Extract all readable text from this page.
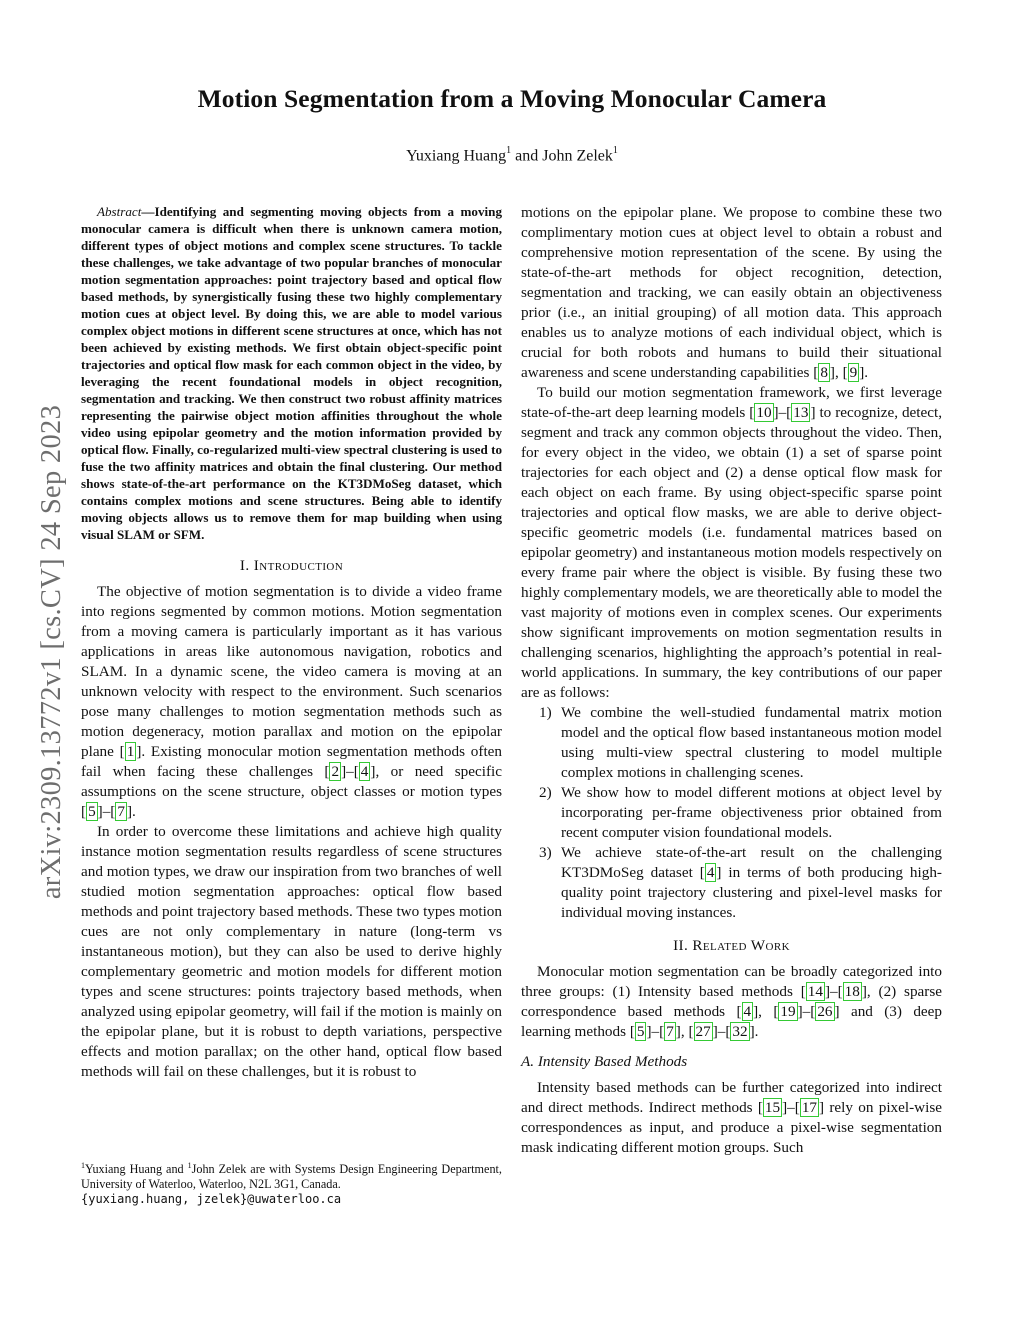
Motion Segmentation from a Moving Monocular Camera
Yuxiang Huang$^1$ and John Zelek$^1$
arXiv:2309.13772v1 [cs.CV] 24 Sep 2023

Abstract—Identifying and segmenting moving objects from a moving monocular camera is difficult when there is unknown camera motion, different types of object motions and complex scene structures. To tackle these challenges, we take advantage of two popular branches of monocular motion segmentation approaches: point trajectory based and optical flow based methods, by synergistically fusing these two highly complementary motion cues at object level. By doing this, we are able to model various complex object motions in different scene structures at once, which has not been achieved by existing methods. We first obtain object-specific point trajectories and optical flow mask for each common object in the video, by leveraging the recent foundational models in object recognition, segmentation and tracking. We then construct two robust affinity matrices representing the pairwise object motion affinities throughout the whole video using epipolar geometry and the motion information provided by optical flow. Finally, co-regularized multi-view spectral clustering is used to fuse the two affinity matrices and obtain the final clustering. Our method shows state-of-the-art performance on the KT3DMoSeg dataset, which contains complex motions and scene structures. Being able to identify moving objects allows us to remove them for map building when using visual SLAM or SFM.

I. Introduction

The objective of motion segmentation is to divide a video frame into regions segmented by common motions. Motion segmentation from a moving camera is particularly important as it has various applications in areas like autonomous navigation, robotics and SLAM. In a dynamic scene, the video camera is moving at an unknown velocity with respect to the environment. Such scenarios pose many challenges to motion segmentation methods such as motion degeneracy, motion parallax and motion on the epipolar plane [ 1 ]. Existing monocular motion segmentation methods often fail when facing these challenges [ 2 ]–[ 4 ], or need specific assumptions on the scene structure, object classes or motion types [ 5 ]–[ 7 ].

In order to overcome these limitations and achieve high quality instance motion segmentation results regardless of scene structures and motion types, we draw our inspiration from two branches of well studied motion segmentation approaches: optical flow based methods and point trajectory based methods. These two types motion cues are not only complementary in nature (long-term vs instantaneous motion), but they can also be used to derive highly complementary geometric and motion models for different motion types and scene structures: points trajectory based methods, when analyzed using epipolar geometry, will fail if the motion is mainly on the epipolar plane, but it is robust to depth variations, perspective effects and motion parallax; on the other hand, optical flow based methods will fail on these challenges, but it is robust to

$^1$Yuxiang Huang and $^1$John Zelek are with Systems Design Engineering Department, University of Waterloo, Waterloo, N2L 3G1, Canada.
{yuxiang.huang, jzelek}@uwaterloo.ca

motions on the epipolar plane. We propose to combine these two complimentary motion cues at object level to obtain a robust and comprehensive motion representation of the scene. By using the state-of-the-art methods for object recognition, detection, segmentation and tracking, we can easily obtain an objectiveness prior (i.e., an initial grouping) of all motion data. This approach enables us to analyze motions of each individual object, which is crucial for both robots and humans to build their situational awareness and scene understanding capabilities [ 8 ], [ 9 ].

To build our motion segmentation framework, we first leverage state-of-the-art deep learning models [ 10 ]–[ 13 ] to recognize, detect, segment and track any common objects throughout the video. Then, for every object in the video, we obtain (1) a set of sparse point trajectories for each object and (2) a dense optical flow mask for each object on each frame. By using object-specific sparse point trajectories and optical flow masks, we are able to derive object-specific geometric models (i.e. fundamental matrices based on epipolar geometry) and instantaneous motion models respectively on every frame pair where the object is visible. By fusing these two highly complementary models, we are theoretically able to model the vast majority of motions even in complex scenes. Our experiments show significant improvements on motion segmentation results in challenging scenarios, highlighting the approach’s potential in real-world applications. In summary, the key contributions of our paper are as follows:

1) We combine the well-studied fundamental matrix motion model and the optical flow based instantaneous motion model using multi-view spectral clustering to model multiple complex motions in challenging scenes.
2) We show how to model different motions at object level by incorporating per-frame objectiveness prior obtained from recent computer vision foundational models.
3) We achieve state-of-the-art result on the challenging KT3DMoSeg dataset [ 4 ] in terms of both producing high-quality point trajectory clustering and pixel-level masks for individual moving instances.
II. Related Work

Monocular motion segmentation can be broadly categorized into three groups: (1) Intensity based methods [ 14 ]–[ 18 ], (2) sparse correspondence based methods [ 4 ], [ 19 ]–[ 26 ] and (3) deep learning methods [ 5 ]–[ 7 ], [ 27 ]–[ 32 ].

A. Intensity Based Methods

Intensity based methods can be further categorized into indirect and direct methods. Indirect methods [ 15 ]–[ 17 ] rely on pixel-wise correspondences as input, and produce a pixel-wise segmentation mask indicating different motion groups. Such
